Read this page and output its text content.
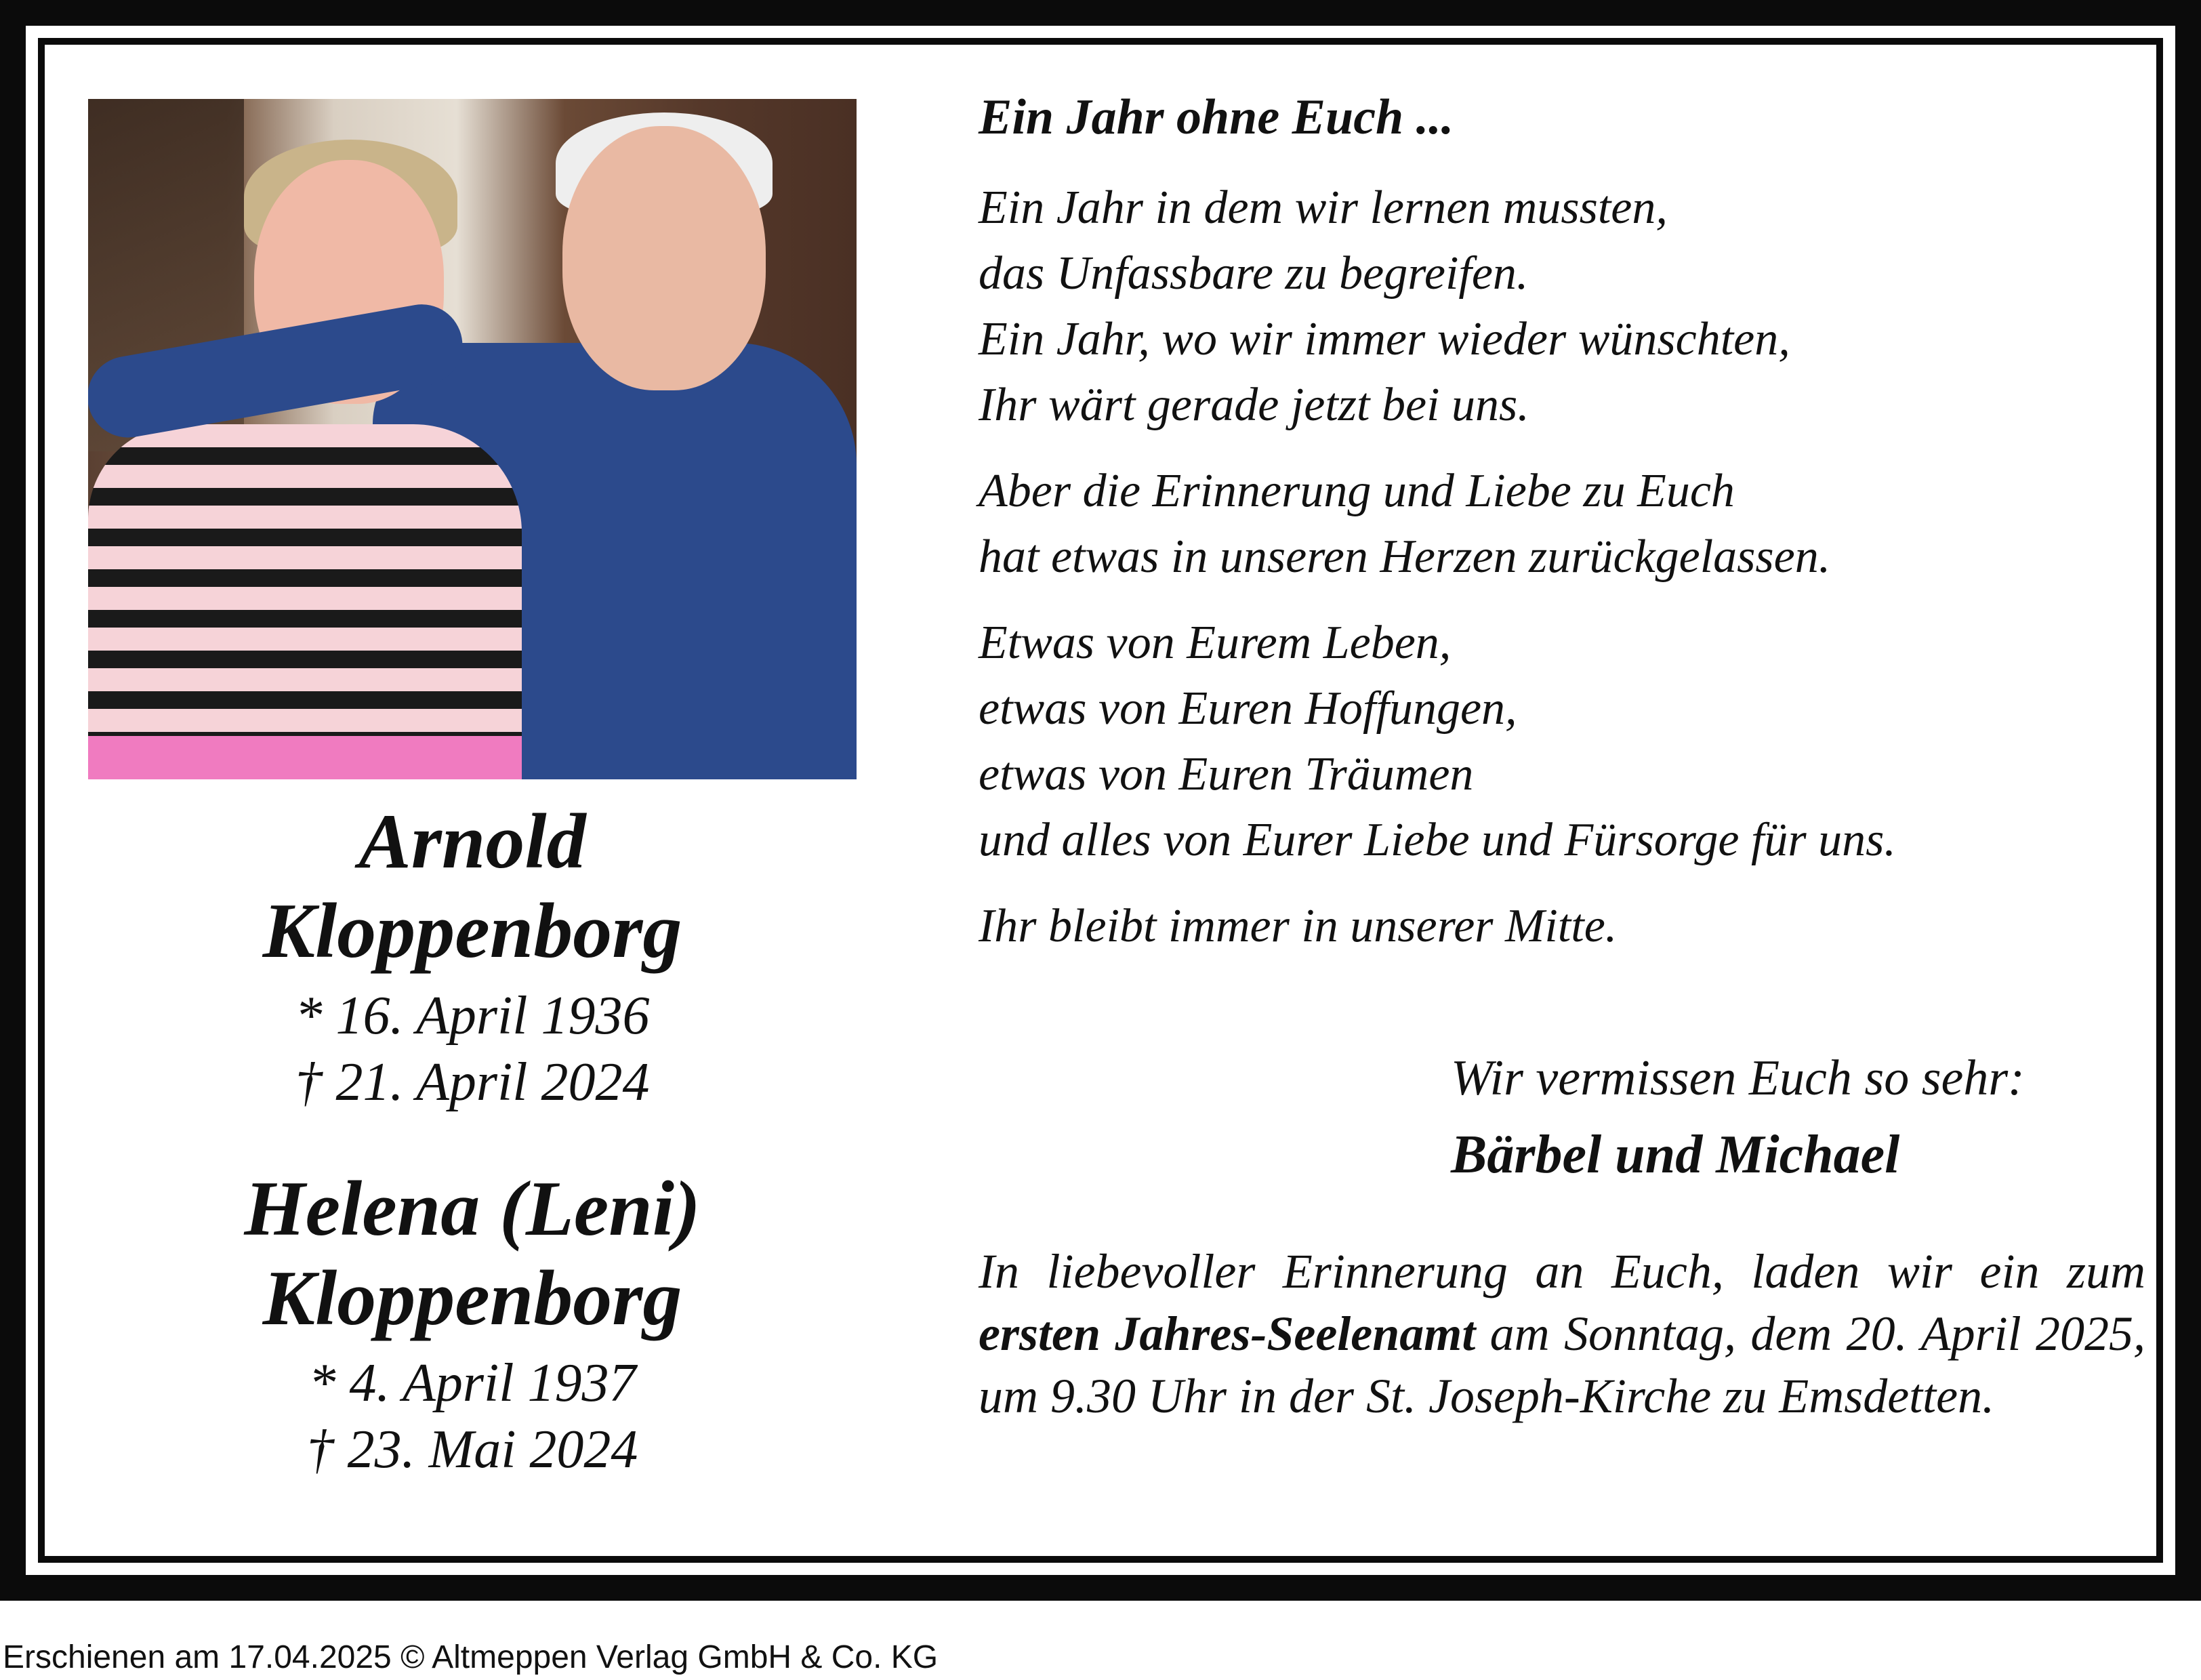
Arnold
Kloppenborg
* 16. April 1936
† 21. April 2024
Helena (Leni)
Kloppenborg
* 4. April 1937
† 23. Mai 2024
Ein Jahr ohne Euch ...

Ein Jahr in dem wir lernen mussten,

das Unfassbare zu begreifen.

Ein Jahr, wo wir immer wieder wünschten,

Ihr wärt gerade jetzt bei uns.

Aber die Erinnerung und Liebe zu Euch

hat etwas in unseren Herzen zurückgelassen.

Etwas von Eurem Leben,

etwas von Euren Hoffungen,

etwas von Euren Träumen

und alles von Eurer Liebe und Fürsorge für uns.

Ihr bleibt immer in unserer Mitte.

Wir vermissen Euch so sehr:
Bärbel und Michael
In liebevoller Erinnerung an Euch, laden wir ein zum ersten Jahres-Seelenamt am Sonntag, dem 20. April 2025, um 9.30 Uhr in der St. Joseph-Kirche zu Emsdetten.
Erschienen am 17.04.2025 © Altmeppen Verlag GmbH & Co. KG
